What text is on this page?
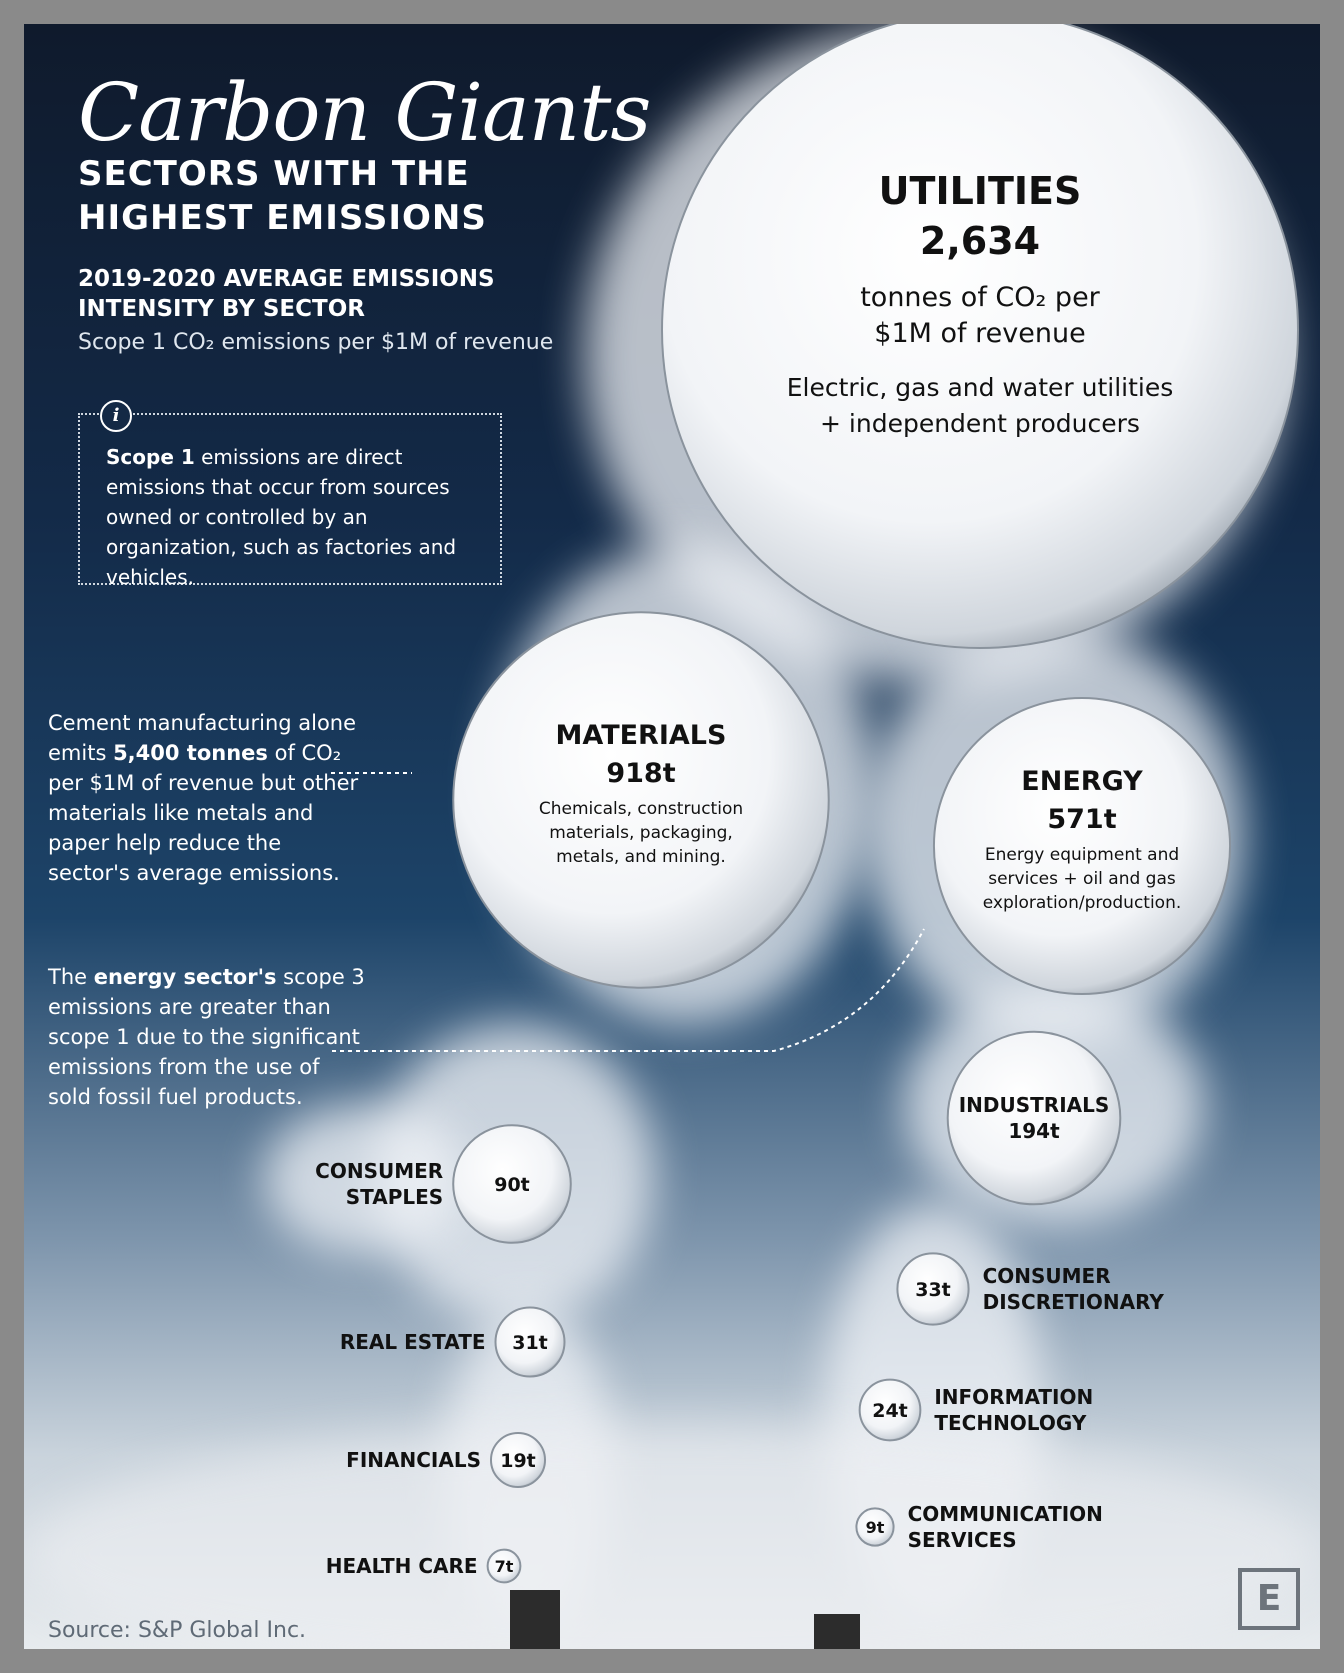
UTILITIES
2,634
tonnes of CO₂ per
$1M of revenue
Electric, gas and water utilities
+ independent producers
MATERIALS
918t
Chemicals, construction
materials, packaging,
metals, and mining.
ENERGY
571t
Energy equipment and
services + oil and gas
exploration/production.
INDUSTRIALS
194t
90t
CONSUMER
STAPLES
33t
CONSUMER
DISCRETIONARY
31t
REAL ESTATE
24t
INFORMATION
TECHNOLOGY
19t
FINANCIALS
9t
COMMUNICATION
SERVICES
7t
HEALTH CARE
Carbon Giants
SECTORS WITH THE
HIGHEST EMISSIONS
2019-2020 AVERAGE EMISSIONS
INTENSITY BY SECTOR
Scope 1 CO₂ emissions per $1M of revenue
i
Scope 1 emissions are direct emissions that occur from sources owned or controlled by an organization, such as factories and vehicles.
Cement manufacturing alone emits 5,400 tonnes of CO₂ per $1M of revenue but other materials like metals and paper help reduce the sector's average emissions.
The energy sector's scope 3 emissions are greater than scope 1 due to the significant emissions from the use of sold fossil fuel products.
Source: S&P Global Inc.
E
